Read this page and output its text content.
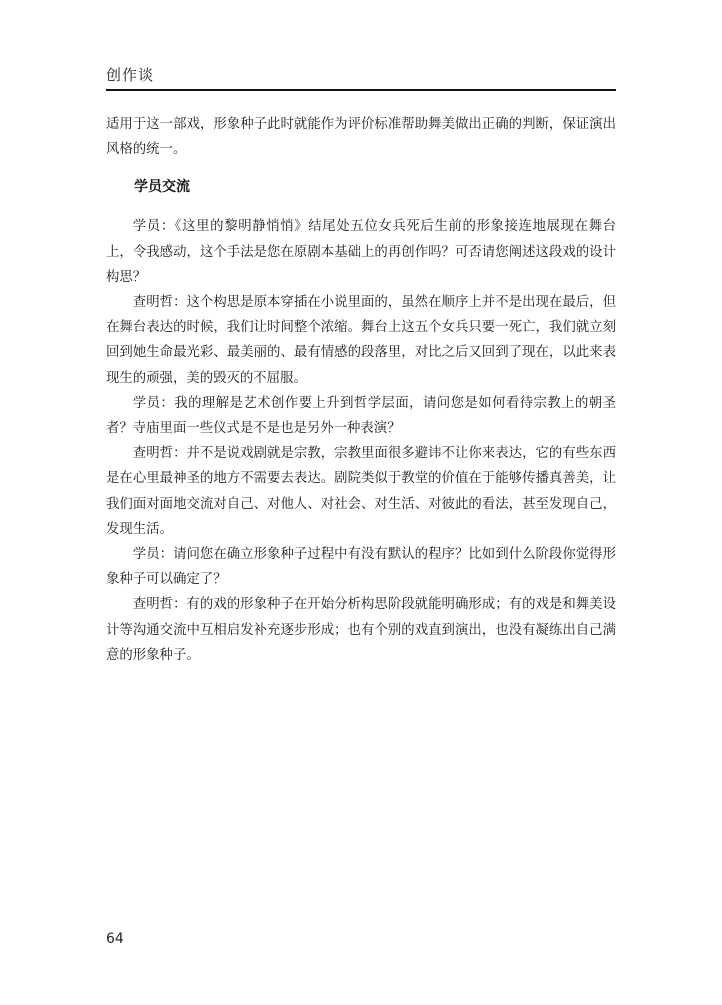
创作谈

适用于这一部戏，形象种子此时就能作为评价标准帮助舞美做出正确的判断，保证演出风格的统一。

学员交流

学员：《这里的黎明静悄悄》结尾处五位女兵死后生前的形象接连地展现在舞台上，令我感动，这个手法是您在原剧本基础上的再创作吗？可否请您阐述这段戏的设计构思？

查明哲：这个构思是原本穿插在小说里面的，虽然在顺序上并不是出现在最后，但在舞台表达的时候，我们让时间整个浓缩。舞台上这五个女兵只要一死亡，我们就立刻回到她生命最光彩、最美丽的、最有情感的段落里，对比之后又回到了现在，以此来表现生的顽强，美的毁灭的不屈服。

学员：我的理解是艺术创作要上升到哲学层面，请问您是如何看待宗教上的朝圣者？寺庙里面一些仪式是不是也是另外一种表演？

查明哲：并不是说戏剧就是宗教，宗教里面很多避讳不让你来表达，它的有些东西是在心里最神圣的地方不需要去表达。剧院类似于教堂的价值在于能够传播真善美，让我们面对面地交流对自己、对他人、对社会、对生活、对彼此的看法，甚至发现自己，发现生活。

学员：请问您在确立形象种子过程中有没有默认的程序？比如到什么阶段你觉得形象种子可以确定了？

查明哲：有的戏的形象种子在开始分析构思阶段就能明确形成；有的戏是和舞美设计等沟通交流中互相启发补充逐步形成；也有个别的戏直到演出，也没有凝练出自己满意的形象种子。

64
